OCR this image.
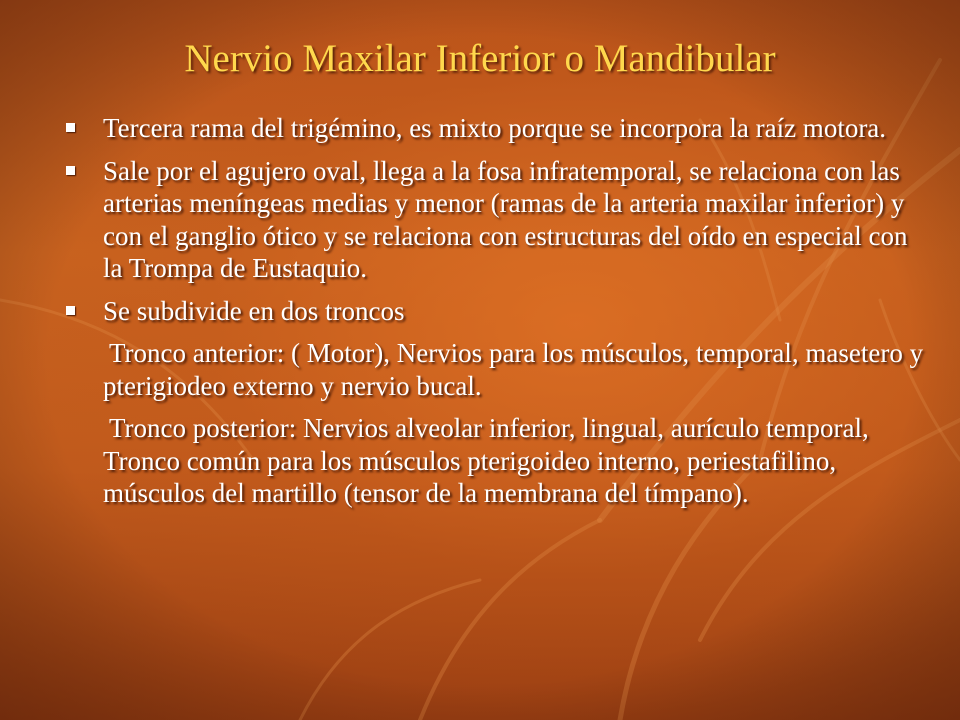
Nervio Maxilar Inferior o Mandibular
Tercera rama del trigémino, es mixto porque se incorpora la raíz motora.
Sale por el agujero oval, llega a la fosa infratemporal, se relaciona con las arterias meníngeas medias y menor (ramas de la arteria maxilar inferior) y con el ganglio ótico y se relaciona con estructuras del oído en especial con la Trompa de Eustaquio.
Se subdivide en dos troncos
Tronco anterior: ( Motor), Nervios para los músculos, temporal, masetero y pterigiodeo externo y nervio bucal.
Tronco posterior: Nervios alveolar inferior, lingual, aurículo temporal, Tronco común para los músculos pterigoideo interno, periestafilino, músculos del martillo (tensor de la membrana del tímpano).
